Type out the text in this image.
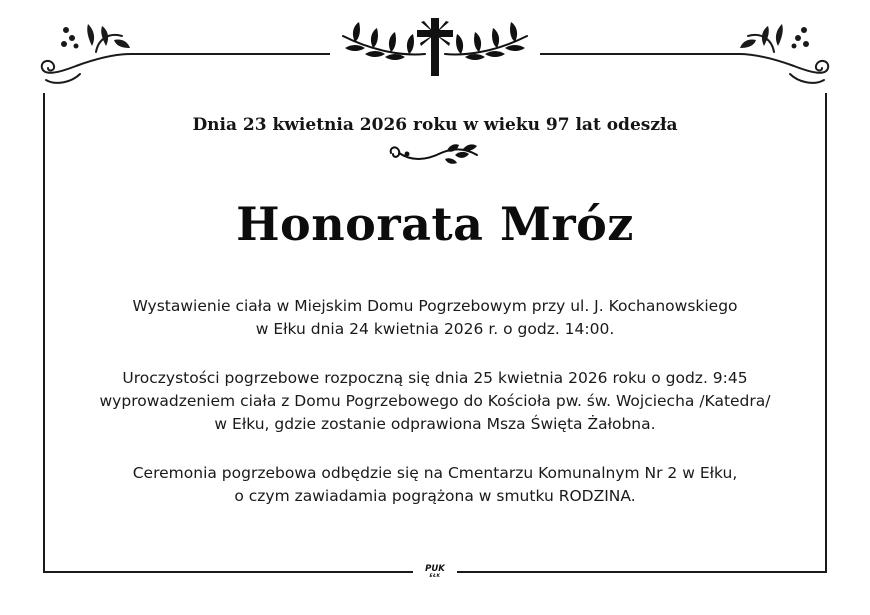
Dnia 23 kwietnia 2026 roku w wieku 97 lat odeszła
Honorata Mróz
Wystawienie ciała w Miejskim Domu Pogrzebowym przy ul. J. Kochanowskiego
w Ełku dnia 24 kwietnia 2026 r. o godz. 14:00.
Uroczystości pogrzebowe rozpoczną się dnia 25 kwietnia 2026 roku o godz. 9:45
wyprowadzeniem ciała z Domu Pogrzebowego do Kościoła pw. św. Wojciecha /Katedra/
w Ełku, gdzie zostanie odprawiona Msza Święta Żałobna.
Ceremonia pogrzebowa odbędzie się na Cmentarzu Komunalnym Nr 2 w Ełku,
o czym zawiadamia pogrążona w smutku RODZINA.
PUK
EŁK
